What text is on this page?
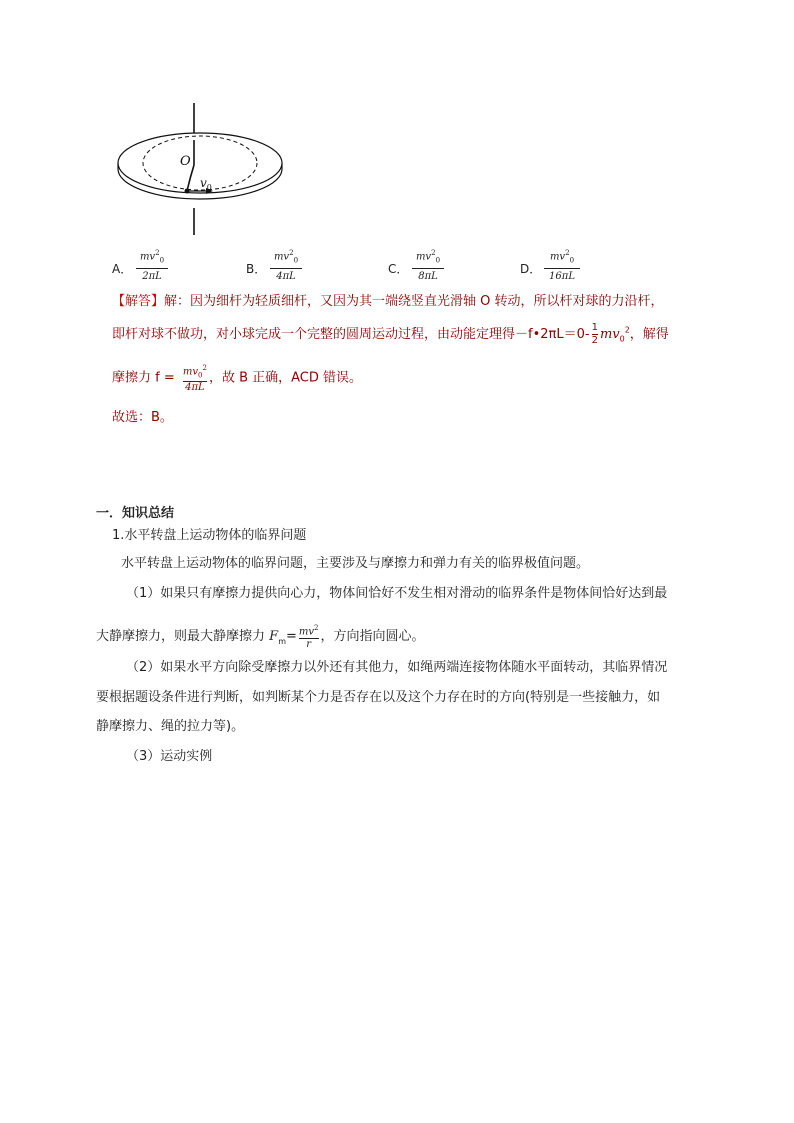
O
$v_0$
A．
$mv^2_0$
2πL
B．
$mv^2_0$
4πL
C．
$mv^2_0$
8πL
D．
$mv^2_0$
16πL
【解答】解：因为细杆为轻质细杆，又因为其一端绕竖直光滑轴 O 转动，所以杆对球的力沿杆，
即杆对球不做功，对小球完成一个完整的圆周运动过程，由动能定理得－f•2πL＝0- $\frac{1}{2} mv_0^2$，解得
摩擦力 $f = \frac{mv_0^2}{4\pi L}$ ，故 B 正确，ACD 错误。
故选：B。
一．知识总结
1.水平转盘上运动物体的临界问题
水平转盘上运动物体的临界问题，主要涉及与摩擦力和弹力有关的临界极值问题。
（1）如果只有摩擦力提供向心力，物体间恰好不发生相对滑动的临界条件是物体间恰好达到最
大静摩擦力，则最大静摩擦力 $F_m= \frac{mv^2}{r}$ ，方向指向圆心。
（2）如果水平方向除受摩擦力以外还有其他力，如绳两端连接物体随水平面转动，其临界情况
要根据题设条件进行判断，如判断某个力是否存在以及这个力存在时的方向(特别是一些接触力，如
静摩擦力、绳的拉力等)。
（3）运动实例
